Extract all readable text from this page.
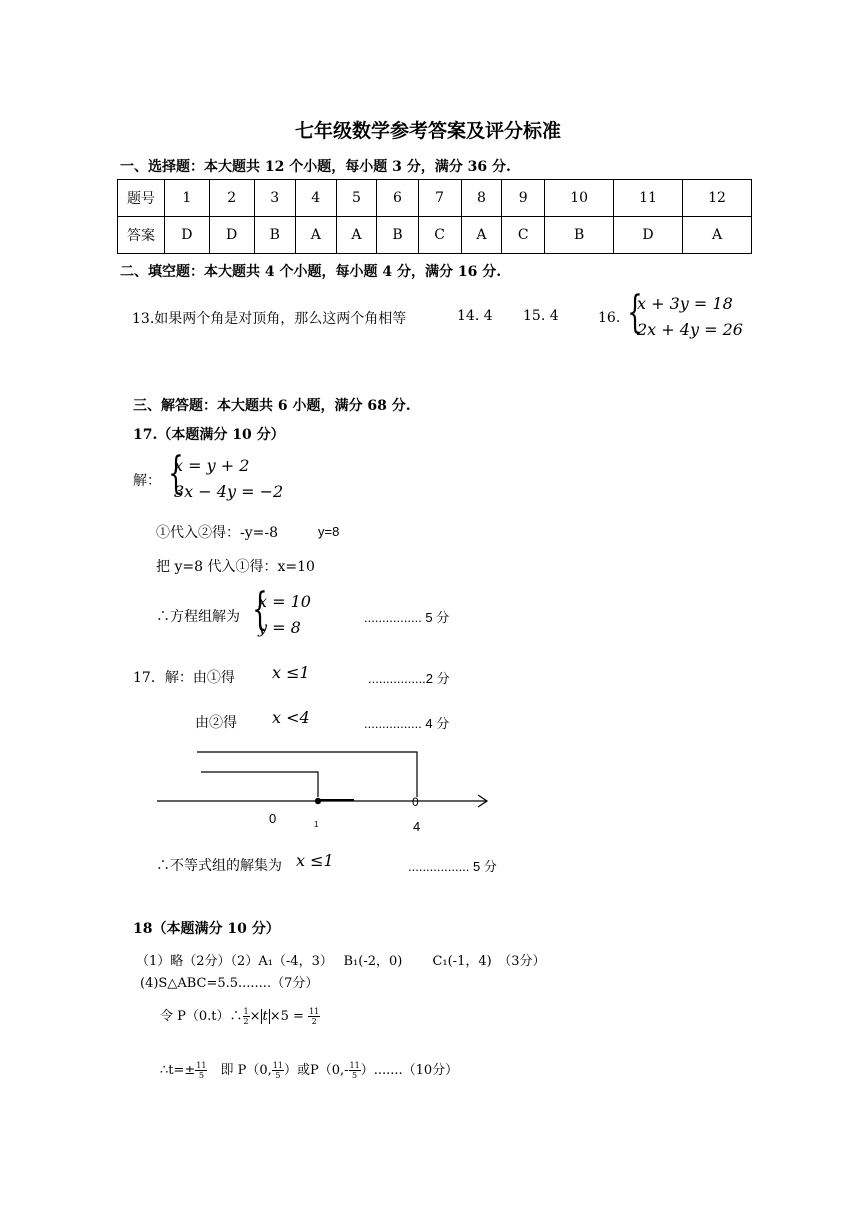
七年级数学参考答案及评分标准
一、选择题：本大题共 12 个小题，每小题 3 分，满分 36 分.
题号	1	2	3	4	5	6	7	8	9	10	11	12
答案	D	D	B	A	A	B	C	A	C	B	D	A
二、填空题：本大题共 4 个小题，每小题 4 分，满分 16 分.
13.如果两个角是对顶角，那么这两个角相等	14. 4 15. 4	16. {
x + 3y = 18
2x + 4y = 26
三、解答题：本大题共 6 小题，满分 68 分.
17.（本题满分 10 分）
解： {
x = y + 2
3x − 4y = −2
①代入②得：-y=-8	y=8
把 y=8 代入①得：x=10
∴方程组解为 {
x = 10
y = 8
................ 5 分
17．解：由①得 x ≤1	................2 分
由②得 x <4	................ 4 分
0
0	1	4
∴不等式组的解集为 x ≤1	................. 5 分
18（本题满分 10 分）
（1）略（2分）（2）A₁（-4，3）　 B₁(-2，0)　 　C₁(-1，4)　（3分）
(4)S△ABC=5.5........（7分）
令 P（0.t）∴ $\frac{1}{2} \times t \times 5 = \frac{11}{2}$
∴t=± $\frac{11}{5}$ 　即 P（0, $\frac{11}{5}$ ）或$P(0,- \frac{11}{5} ).......(10$分）
